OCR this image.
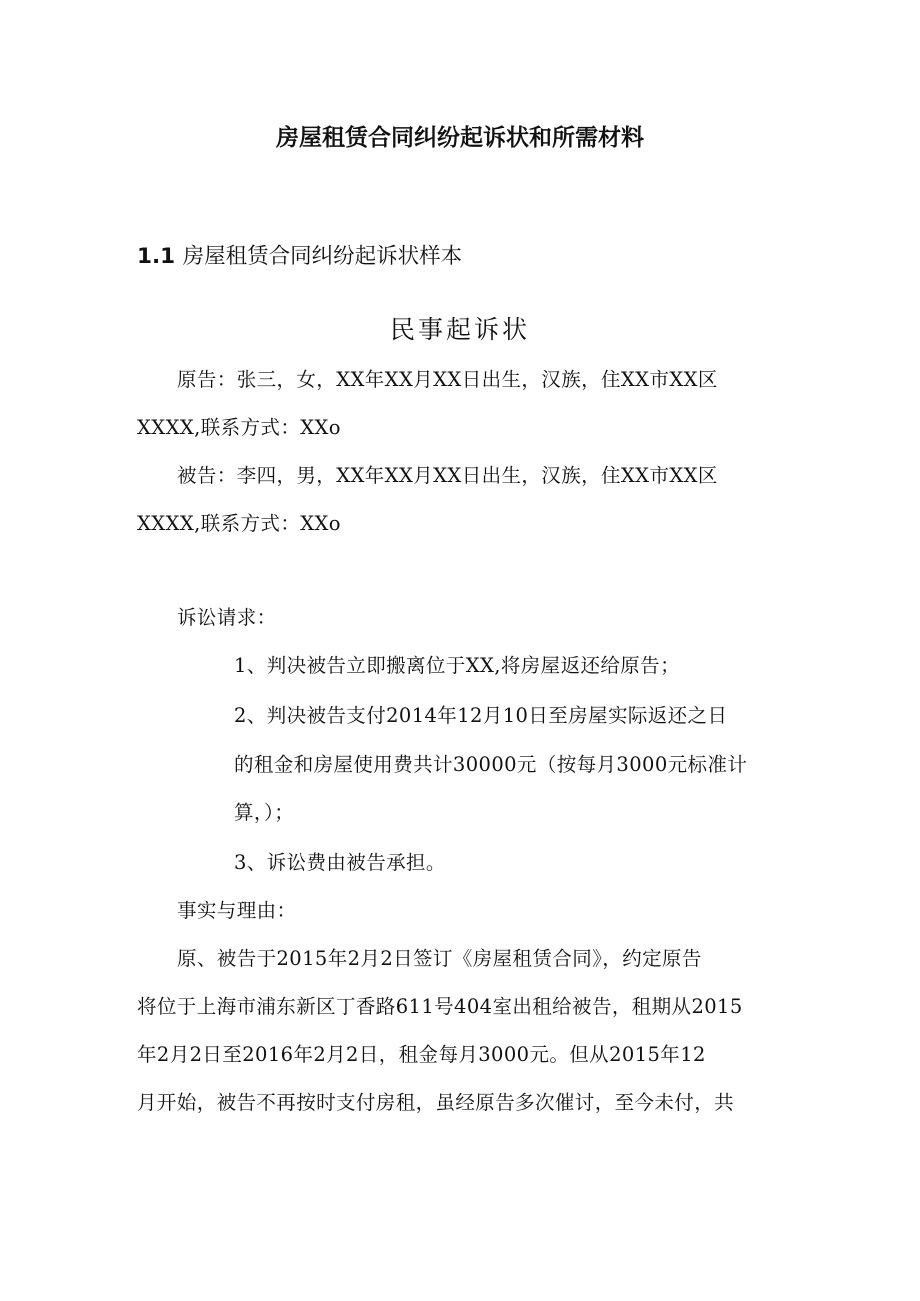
房屋租赁合同纠纷起诉状和所需材料
1.1 房屋租赁合同纠纷起诉状样本
民事起诉状

原告：张三，女，XX年XX月XX日出生，汉族，住XX市XX区

XXXX,联系方式：XXo

被告：李四，男，XX年XX月XX日出生，汉族，住XX市XX区

XXXX,联系方式：XXo

诉讼请求：

1、判决被告立即搬离位于XX,将房屋返还给原告；

2、判决被告支付2014年12月10日至房屋实际返还之日

的租金和房屋使用费共计30000元（按每月3000元标准计

算，）；

3、诉讼费由被告承担。

事实与理由：

原、被告于2015年2月2日签订《房屋租赁合同》，约定原告

将位于上海市浦东新区丁香路611号404室出租给被告，租期从2015

年2月2日至2016年2月2日，租金每月3000元。但从2015年12

月开始，被告不再按时支付房租，虽经原告多次催讨，至今未付，共
